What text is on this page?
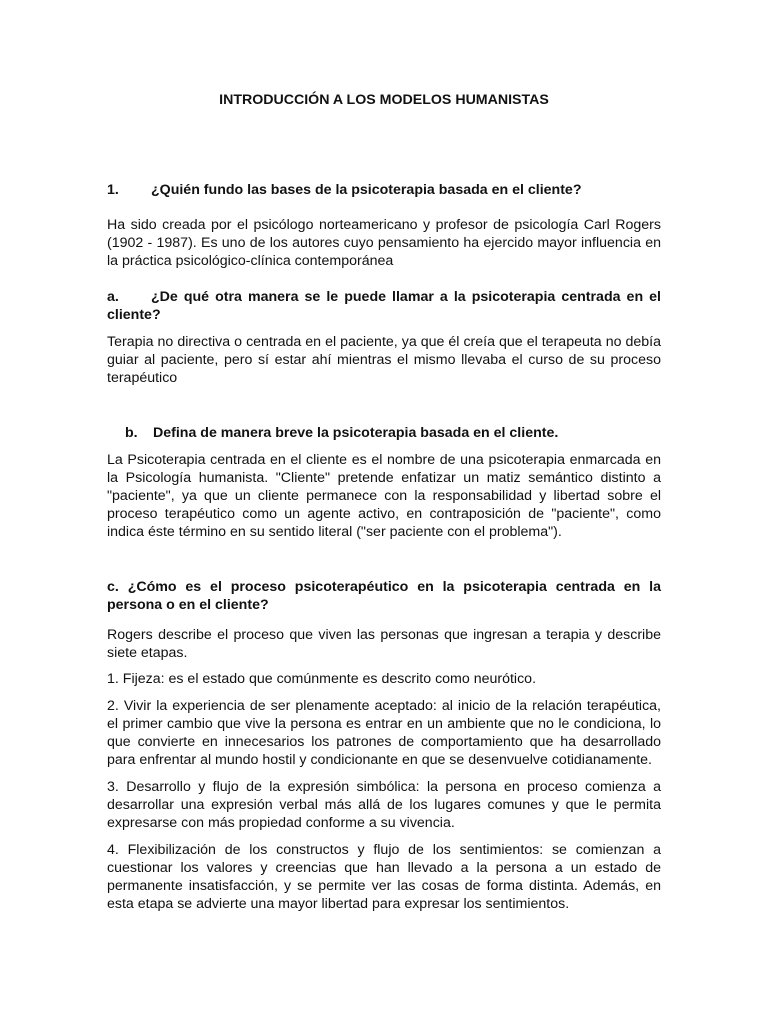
INTRODUCCIÓN A LOS MODELOS HUMANISTAS

1. ¿Quién fundo las bases de la psicoterapia basada en el cliente?

Ha sido creada por el psicólogo norteamericano y profesor de psicología Carl Rogers (1902 - 1987). Es uno de los autores cuyo pensamiento ha ejercido mayor influencia en la práctica psicológico-clínica contemporánea

a. ¿De qué otra manera se le puede llamar a la psicoterapia centrada en el cliente?

Terapia no directiva o centrada en el paciente, ya que él creía que el terapeuta no debía guiar al paciente, pero sí estar ahí mientras el mismo llevaba el curso de su proceso terapéutico

b. Defina de manera breve la psicoterapia basada en el cliente.

La Psicoterapia centrada en el cliente es el nombre de una psicoterapia enmarcada en la Psicología humanista. "Cliente" pretende enfatizar un matiz semántico distinto a "paciente", ya que un cliente permanece con la responsabilidad y libertad sobre el proceso terapéutico como un agente activo, en contraposición de "paciente", como indica éste término en su sentido literal ("ser paciente con el problema").

c. ¿Cómo es el proceso psicoterapéutico en la psicoterapia centrada en la persona o en el cliente?

Rogers describe el proceso que viven las personas que ingresan a terapia y describe siete etapas.

1. Fijeza: es el estado que comúnmente es descrito como neurótico.

2. Vivir la experiencia de ser plenamente aceptado: al inicio de la relación terapéutica, el primer cambio que vive la persona es entrar en un ambiente que no le condiciona, lo que convierte en innecesarios los patrones de comportamiento que ha desarrollado para enfrentar al mundo hostil y condicionante en que se desenvuelve cotidianamente.

3. Desarrollo y flujo de la expresión simbólica: la persona en proceso comienza a desarrollar una expresión verbal más allá de los lugares comunes y que le permita expresarse con más propiedad conforme a su vivencia.

4. Flexibilización de los constructos y flujo de los sentimientos: se comienzan a cuestionar los valores y creencias que han llevado a la persona a un estado de permanente insatisfacción, y se permite ver las cosas de forma distinta. Además, en esta etapa se advierte una mayor libertad para expresar los sentimientos.
